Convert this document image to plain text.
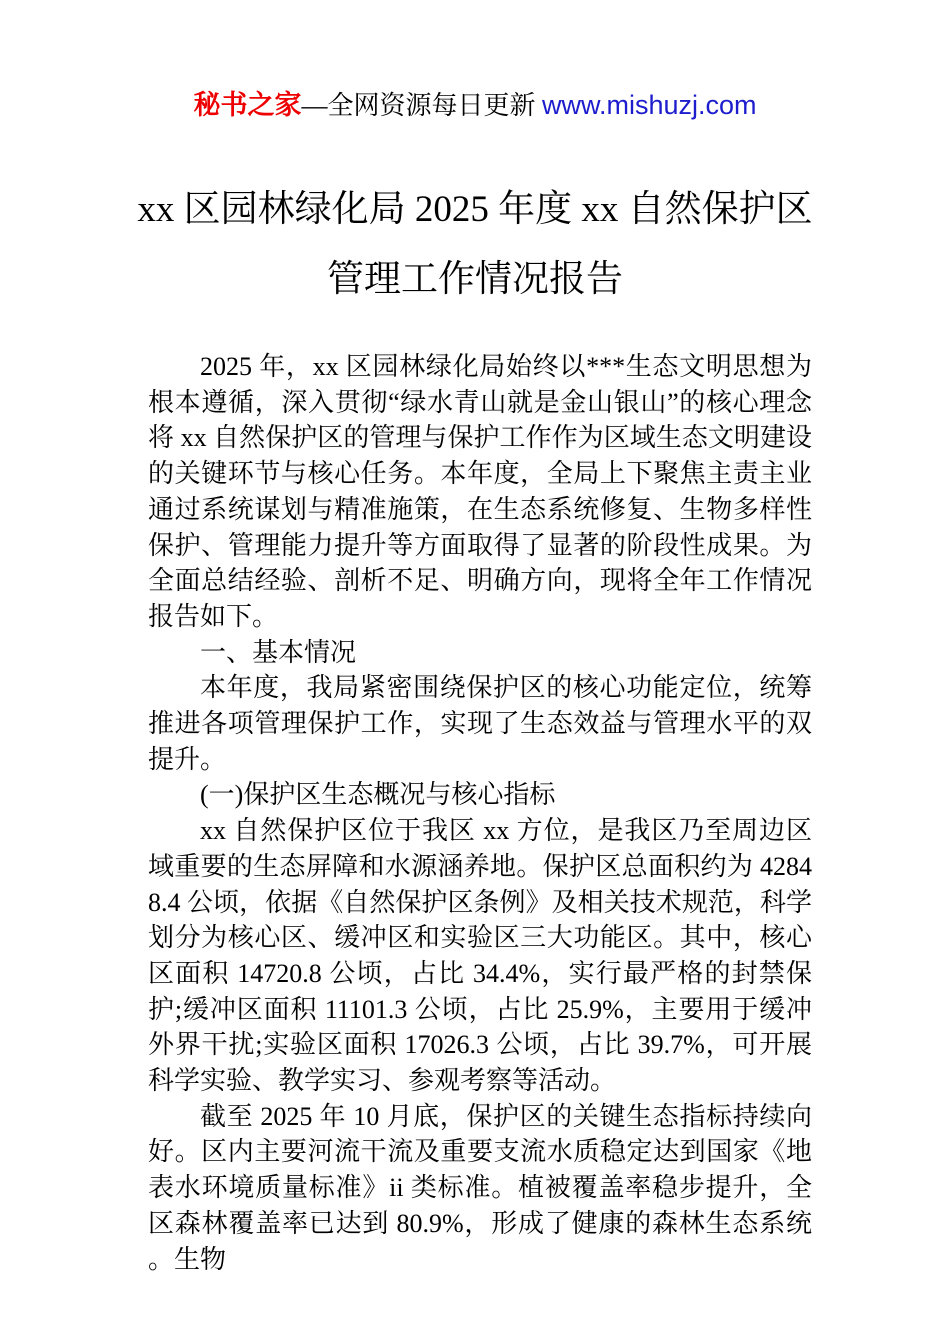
秘书之家—全网资源每日更新 www.mishuzj.com
xx 区园林绿化局 2025 年度 xx 自然保护区
管理工作情况报告
2025 年，xx 区园林绿化局始终以***生态文明思想为根本遵循，深入贯彻“绿水青山就是金山银山”的核心理念将 xx 自然保护区的管理与保护工作作为区域生态文明建设的关键环节与核心任务。本年度，全局上下聚焦主责主业通过系统谋划与精准施策，在生态系统修复、生物多样性保护、管理能力提升等方面取得了显著的阶段性成果。为全面总结经验、剖析不足、明确方向，现将全年工作情况报告如下。
一、基本情况
本年度，我局紧密围绕保护区的核心功能定位，统筹推进各项管理保护工作，实现了生态效益与管理水平的双提升。
(一)保护区生态概况与核心指标
xx 自然保护区位于我区 xx 方位，是我区乃至周边区域重要的生态屏障和水源涵养地。保护区总面积约为 42848.4 公顷，依据《自然保护区条例》及相关技术规范，科学划分为核心区、缓冲区和实验区三大功能区。其中，核心区面积 14720.8 公顷，占比 34.4%，实行最严格的封禁保护;缓冲区面积 11101.3 公顷，占比 25.9%，主要用于缓冲外界干扰;实验区面积 17026.3 公顷，占比 39.7%，可开展科学实验、教学实习、参观考察等活动。
截至 2025 年 10 月底，保护区的关键生态指标持续向好。区内主要河流干流及重要支流水质稳定达到国家《地表水环境质量标准》ii 类标准。植被覆盖率稳步提升，全区森林覆盖率已达到 80.9%，形成了健康的森林生态系统。生物
